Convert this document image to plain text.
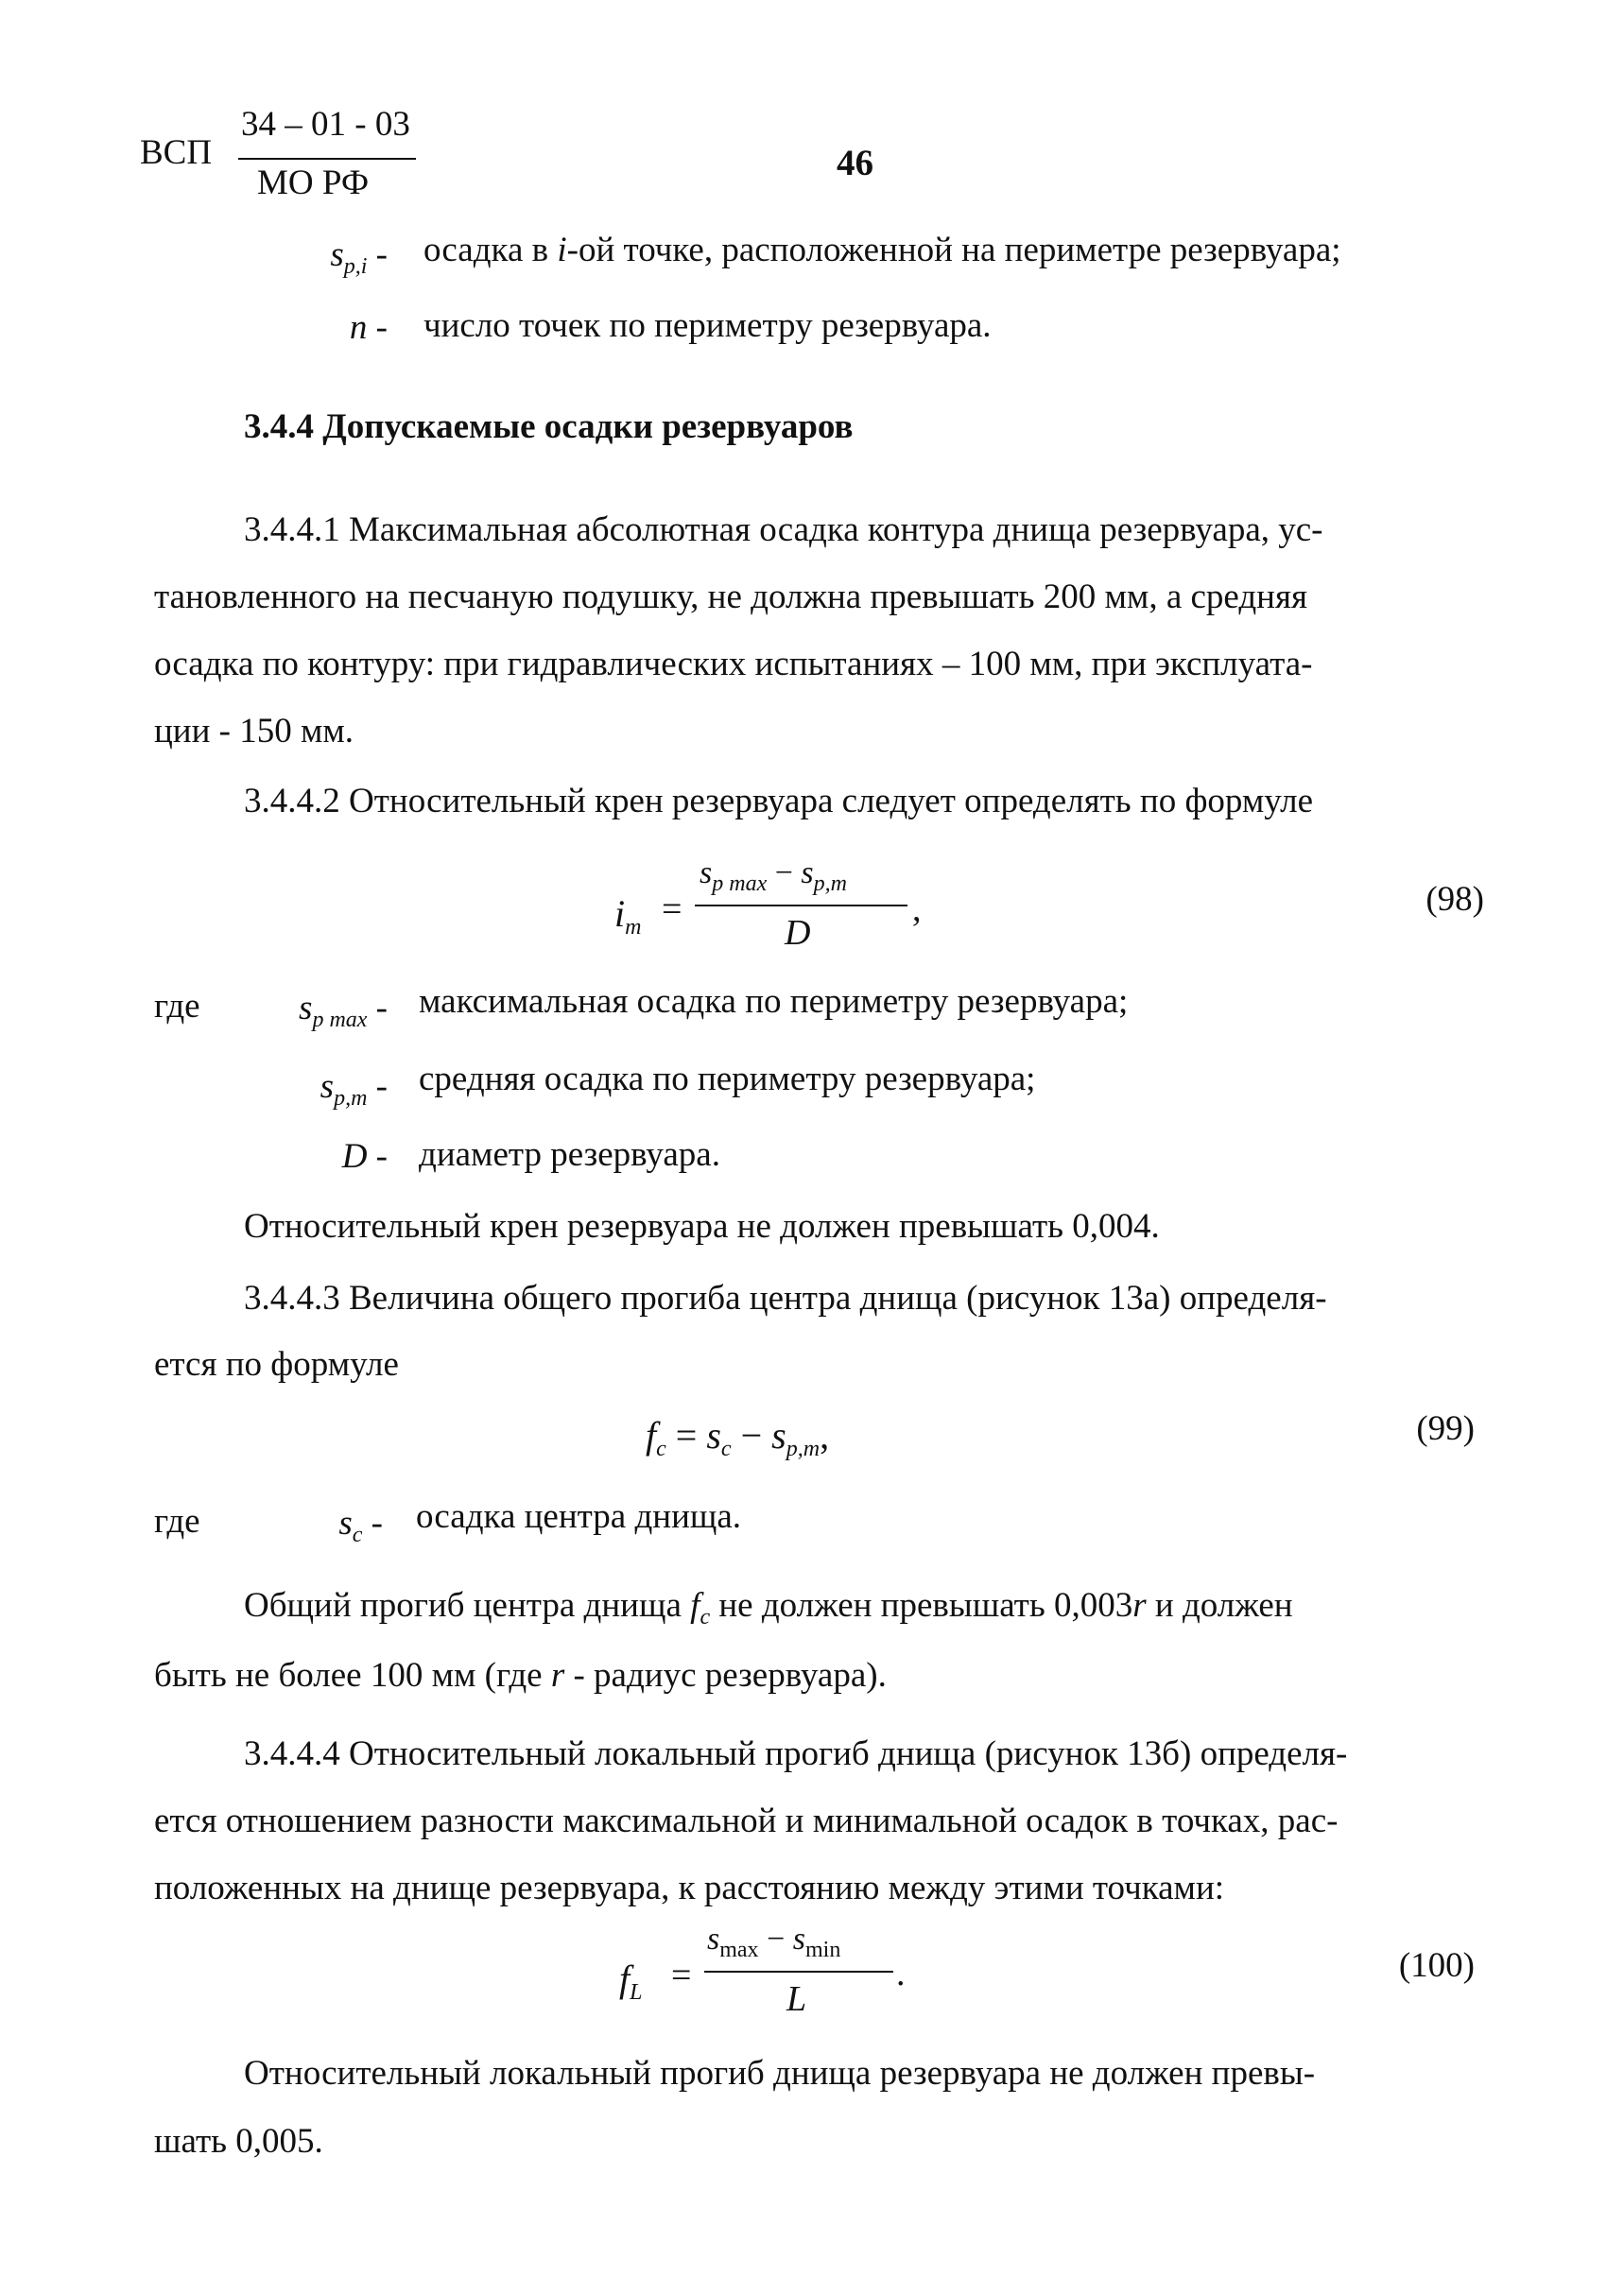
ВСП
34 – 01 - 03
МО РФ	46
$s_{p,i}$ - осадка в i-ой точке, расположенной на периметре резервуара;
n - число точек по периметру резервуара.
3.4.4 Допускаемые осадки резервуаров
3.4.4.1 Максимальная абсолютная осадка контура днища резервуара, ус-
тановленного на песчаную подушку, не должна превышать 200 мм, а средняя
осадка по контуру: при гидравлических испытаниях – 100 мм, при эксплуата-
ции - 150 мм.
3.4.4.2 Относительный крен резервуара следует определять по формуле
$i_m$ =
$s_{p max} - s_{p,m}$
D
,	(98)
где	$s_{p max}$ - максимальная осадка по периметру резервуара;
$s_{p,m}$ - средняя осадка по периметру резервуара;
D - диаметр резервуара.
Относительный крен резервуара не должен превышать 0,004.
3.4.4.3 Величина общего прогиба центра днища (рисунок 13а) определя-
ется по формуле
$f_c = s_c - s_{p,m}$,	(99)
где	$s_c$ - осадка центра днища.
Общий прогиб центра днища $f_c$ не должен превышать 0,003r и должен
быть не более 100 мм (где r - радиус резервуара).
3.4.4.4 Относительный локальный прогиб днища (рисунок 13б) определя-
ется отношением разности максимальной и минимальной осадок в точках, рас-
положенных на днище резервуара, к расстоянию между этими точками:
$f_L$ =
$s_{max} - s_{min}$
L
.	(100)
Относительный локальный прогиб днища резервуара не должен превы-
шать 0,005.
